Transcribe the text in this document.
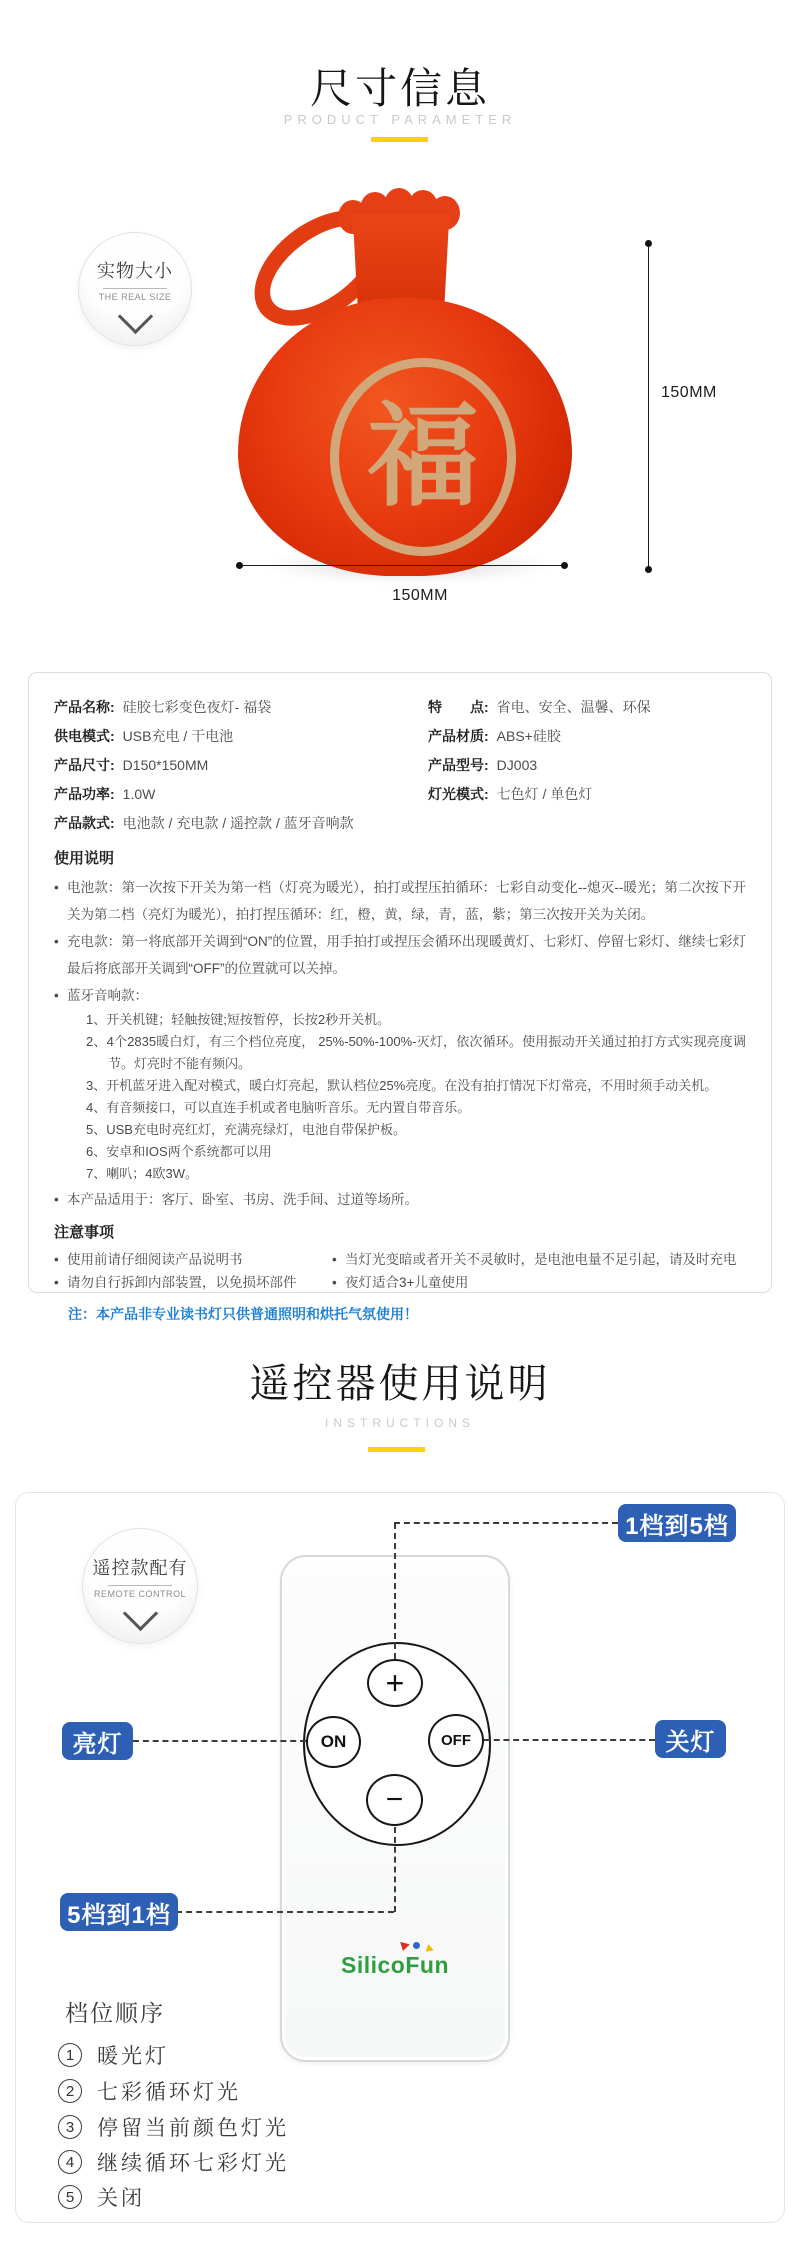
尺寸信息
PRODUCT PARAMETER
实物大小
THE REAL SIZE
福
150MM
150MM
产品名称: 硅胶七彩变色夜灯- 福袋
供电模式: USB充电 / 干电池
产品尺寸: D150*150MM
产品功率: 1.0W
产品款式: 电池款 / 充电款 / 遥控款 / 蓝牙音响款
特　　点: 省电、安全、温馨、环保
产品材质: ABS+硅胶
产品型号: DJ003
灯光模式: 七色灯 / 单色灯
使用说明

• 电池款：第一次按下开关为第一档（灯亮为暖光），拍打或捏压拍循环：七彩自动变化--熄灭--暖光；第二次按下开关为第二档（亮灯为暖光），拍打捏压循环：红，橙，黄，绿，青，蓝，紫；第三次按开关为关闭。

• 充电款：第一将底部开关调到“ON”的位置，用手拍打或捏压会循环出现暖黄灯、七彩灯、停留七彩灯、继续七彩灯最后将底部开关调到“OFF”的位置就可以关掉。

• 蓝牙音响款：

1、开关机键；轻触按键;短按暂停，长按2秒开关机。

2、4个2835暖白灯，有三个档位亮度， 25%-50%-100%-灭灯，依次循环。使用振动开关通过拍打方式实现亮度调节。灯亮时不能有频闪。

3、开机蓝牙进入配对模式，暖白灯亮起，默认档位25%亮度。在没有拍打情况下灯常亮，不用时须手动关机。

4、有音频接口，可以直连手机或者电脑听音乐。无内置自带音乐。

5、USB充电时亮红灯，充满亮绿灯，电池自带保护板。

6、安卓和IOS两个系统都可以用

7、喇叭；4欧3W。

• 本产品适用于：客厅、卧室、书房、洗手间、过道等场所。

注意事项

• 使用前请仔细阅读产品说明书

• 请勿自行拆卸内部装置，以免损坏部件

• 当灯光变暗或者开关不灵敏时，是电池电量不足引起，请及时充电

• 夜灯适合3+儿童使用

注：本产品非专业读书灯只供普通照明和烘托气氛使用！
遥控器使用说明
INSTRUCTIONS
遥控款配有
REMOTE CONTROL
+
ON	OFF
−
1档到5档
亮灯	关灯
5档到1档
SilicoFun
档位顺序
1	暖光灯
2	七彩循环灯光
3	停留当前颜色灯光
4	继续循环七彩灯光
5	关闭
